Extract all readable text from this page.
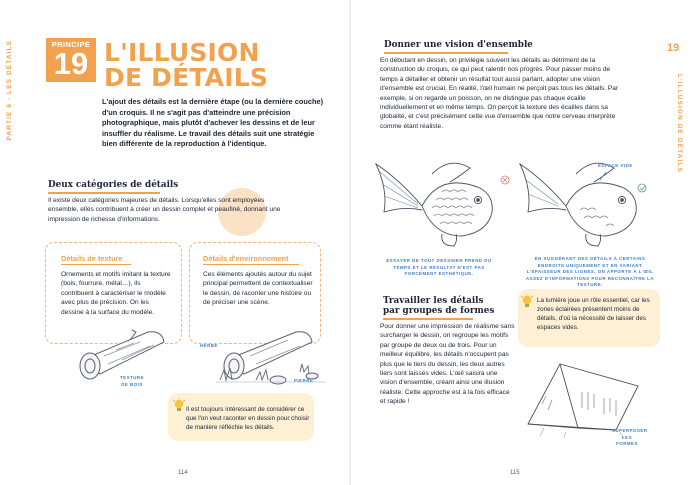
PARTIE 6 - LES DÉTAILS	19
L'ILLUSION DE DÉTAILS
PRINCIPE
19 L'ILLUSION
DE DÉTAILS
L'ajout des détails est la dernière étape (ou la dernière couche) d'un croquis. Il ne s'agit pas d'atteindre une précision photographique, mais plutôt d'achever les dessins et de leur insuffler du réalisme. Le travail des détails suit une stratégie bien différente de la reproduction à l'identique.
Deux catégories de détails
Il existe deux catégories majeures de détails. Lorsqu'elles sont employées ensemble, elles contribuent à créer un dessin complet et peaufiné, donnant une impression de richesse d'informations.
Détails de texture
Ornements et motifs imitant la texture (bois, fourrure, métal…), ils contribuent à caractériser le modèle avec plus de précision. On les dessine à la surface du modèle.
Détails d'environnement
Ces éléments ajoutés autour du sujet principal permettent de contextualiser le dessin, de raconter une histoire ou de préciser une scène.
TEXTURE DE BOIS
HERBE
PIERRE
Il est toujours intéressant de considérer ce que l'on veut raconter en dessin pour choisir de manière réfléchie les détails.
114
Donner une vision d'ensemble
En débutant en dessin, on privilégie souvent les détails au détriment de la construction du croquis, ce qui peut ralentir nos progrès. Pour passer moins de temps à détailler et obtenir un résultat tout aussi parlant, adopter une vision d'ensemble est crucial. En réalité, l'œil humain ne perçoit pas tous les détails. Par exemple, si on regarde un poisson, on ne distingue pas chaque écaille individuellement et en même temps. On perçoit la texture des écailles dans sa globalité, et c'est précisément cette vue d'ensemble que notre cerveau interprète comme étant réaliste.
ESSAYER DE TOUT DESSINER PREND DU TEMPS ET LE RÉSULTAT N'EST PAS FORCÉMENT ESTHÉTIQUE.
ESPACE VIDE
EN SUGGÉRANT DES DÉTAILS À CERTAINS ENDROITS UNIQUEMENT ET EN VARIANT L'ÉPAISSEUR DES LIGNES, ON APPORTE À L'ŒIL ASSEZ D'INFORMATIONS POUR RECONNAÎTRE LA TEXTURE.
Travailler les détails
par groupes de formes
Pour donner une impression de réalisme sans surcharger le dessin, on regroupe les motifs par groupe de deux ou de trois. Pour un meilleur équilibre, les détails n'occupent pas plus que le tiers du dessin, les deux autres tiers sont laissés vides. L'œil saisira une vision d'ensemble, créant ainsi une illusion réaliste. Cette approche est à la fois efficace et rapide !
La lumière joue un rôle essentiel, car les zones éclairées présentent moins de détails, d'où la nécessité de laisser des espaces vides.
SUPERPOSER LES FORMES
115
